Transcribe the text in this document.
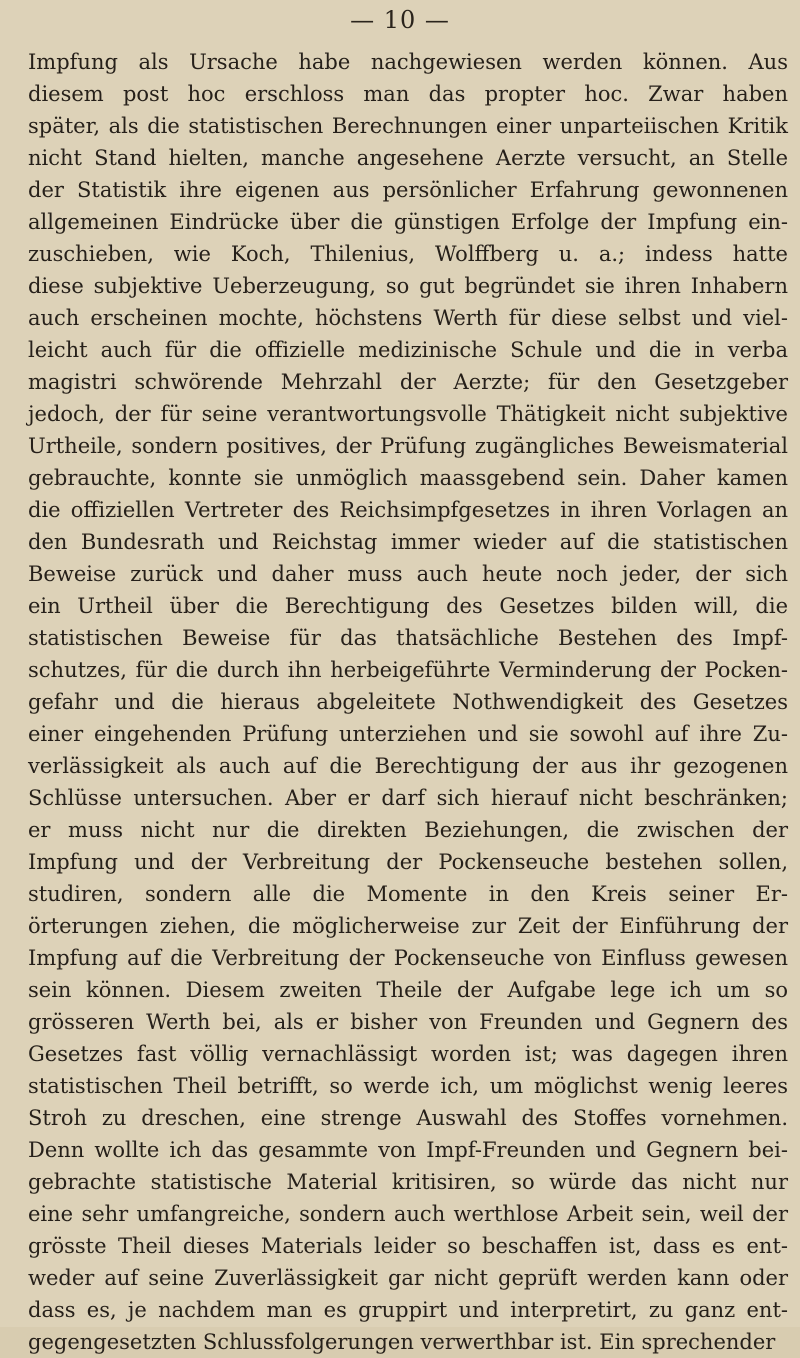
— 10 —
Impfung als Ursache habe nachgewiesen werden können. Aus
diesem post hoc erschloss man das propter hoc. Zwar haben
später, als die statistischen Berechnungen einer unparteiischen Kritik
nicht Stand hielten, manche angesehene Aerzte versucht, an Stelle
der Statistik ihre eigenen aus persönlicher Erfahrung gewonnenen
allgemeinen Eindrücke über die günstigen Erfolge der Impfung ein-
zuschieben, wie Koch, Thilenius, Wolffberg u. a.; indess hatte
diese subjektive Ueberzeugung, so gut begründet sie ihren Inhabern
auch erscheinen mochte, höchstens Werth für diese selbst und viel-
leicht auch für die offizielle medizinische Schule und die in verba
magistri schwörende Mehrzahl der Aerzte; für den Gesetzgeber
jedoch, der für seine verantwortungsvolle Thätigkeit nicht subjektive
Urtheile, sondern positives, der Prüfung zugängliches Beweismaterial
gebrauchte, konnte sie unmöglich maassgebend sein. Daher kamen
die offiziellen Vertreter des Reichsimpfgesetzes in ihren Vorlagen an
den Bundesrath und Reichstag immer wieder auf die statistischen
Beweise zurück und daher muss auch heute noch jeder, der sich
ein Urtheil über die Berechtigung des Gesetzes bilden will, die
statistischen Beweise für das thatsächliche Bestehen des Impf-
schutzes, für die durch ihn herbeigeführte Verminderung der Pocken-
gefahr und die hieraus abgeleitete Nothwendigkeit des Gesetzes
einer eingehenden Prüfung unterziehen und sie sowohl auf ihre Zu-
verlässigkeit als auch auf die Berechtigung der aus ihr gezogenen
Schlüsse untersuchen. Aber er darf sich hierauf nicht beschränken;
er muss nicht nur die direkten Beziehungen, die zwischen der
Impfung und der Verbreitung der Pockenseuche bestehen sollen,
studiren, sondern alle die Momente in den Kreis seiner Er-
örterungen ziehen, die möglicherweise zur Zeit der Einführung der
Impfung auf die Verbreitung der Pockenseuche von Einfluss gewesen
sein können. Diesem zweiten Theile der Aufgabe lege ich um so
grösseren Werth bei, als er bisher von Freunden und Gegnern des
Gesetzes fast völlig vernachlässigt worden ist; was dagegen ihren
statistischen Theil betrifft, so werde ich, um möglichst wenig leeres
Stroh zu dreschen, eine strenge Auswahl des Stoffes vornehmen.
Denn wollte ich das gesammte von Impf-Freunden und Gegnern bei-
gebrachte statistische Material kritisiren, so würde das nicht nur
eine sehr umfangreiche, sondern auch werthlose Arbeit sein, weil der
grösste Theil dieses Materials leider so beschaffen ist, dass es ent-
weder auf seine Zuverlässigkeit gar nicht geprüft werden kann oder
dass es, je nachdem man es gruppirt und interpretirt, zu ganz ent-
gegengesetzten Schlussfolgerungen verwerthbar ist. Ein sprechender
